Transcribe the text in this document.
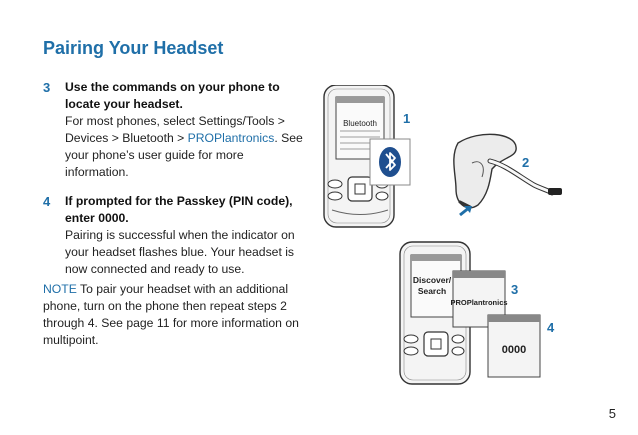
Pairing Your Headset
3 Use the commands on your phone to locate your headset.
For most phones, select Settings/Tools > Devices > Bluetooth > PROPlantronics. See your phone’s user guide for more information.
4 If prompted for the Passkey (PIN code), enter 0000.
Pairing is successful when the indicator on your headset flashes blue. Your headset is now connected and ready to use.
NOTE To pair your headset with an additional phone, turn on the phone then repeat steps 2 through 4. See page 11 for more information on multipoint.
Bluetooth 1
2
Discover/
Search
PROPlantronics
3
0000
4
5
